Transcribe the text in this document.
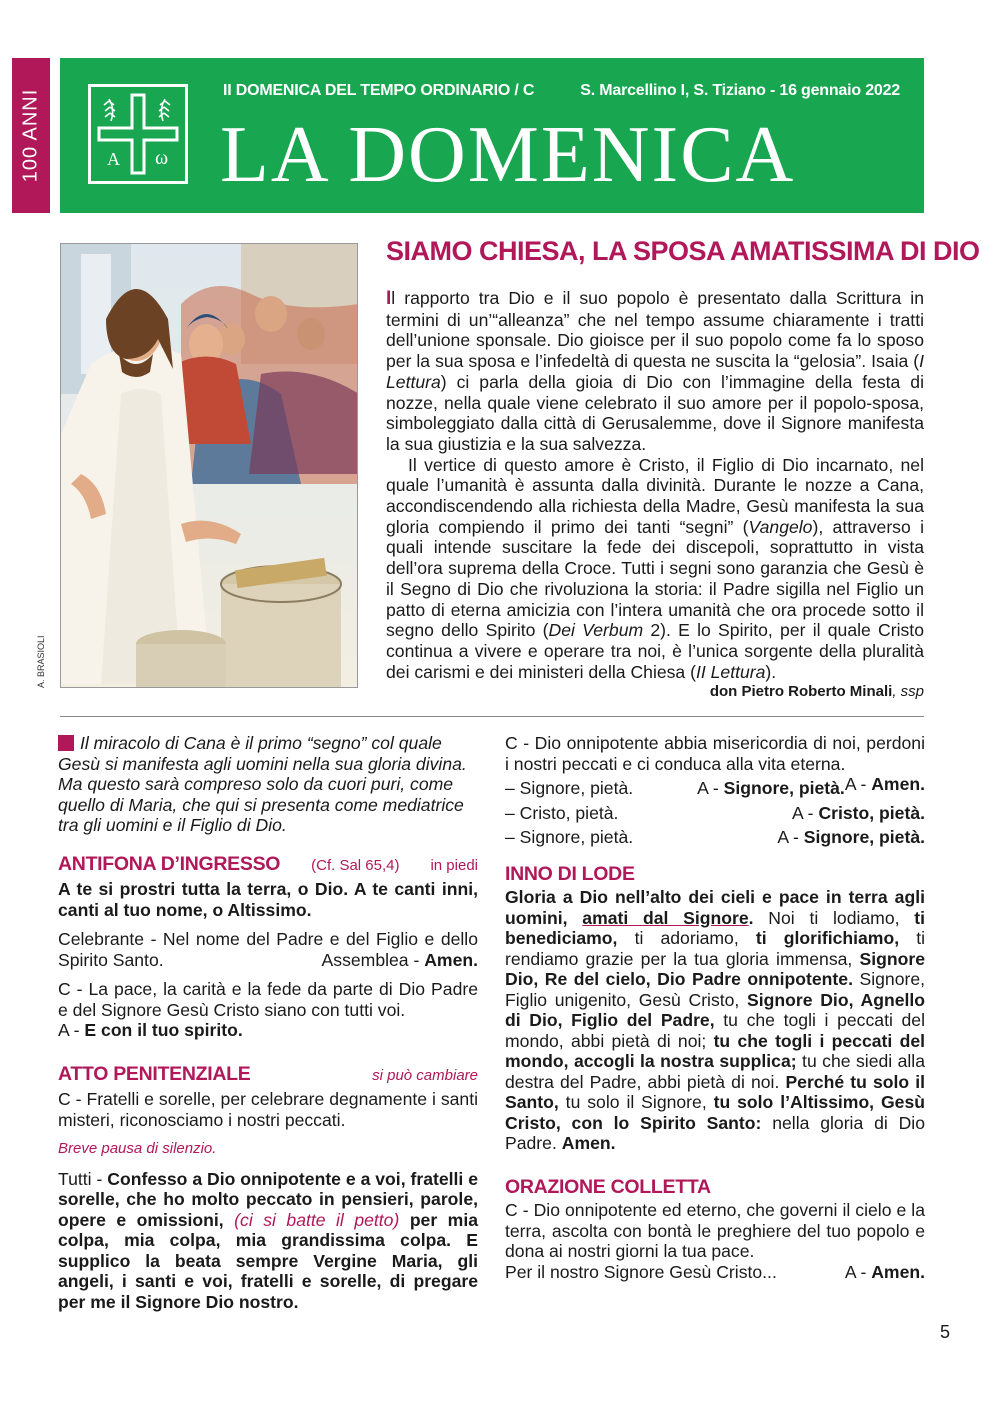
100 ANNI	A ω
II DOMENICA DEL TEMPO ORDINARIO / C	S. Marcellino I, S. Tiziano - 16 gennaio 2022
LA DOMENICA
A. BRASIOLI
SIAMO CHIESA, LA SPOSA AMATISSIMA DI DIO

Il rapporto tra Dio e il suo popolo è presentato dalla Scrittura in termini di un’“alleanza” che nel tempo assume chiaramente i tratti dell’unione sponsale. Dio gioisce per il suo popolo come fa lo sposo per la sua sposa e l’infedeltà di questa ne suscita la “gelosia”. Isaia (I Lettura) ci parla della gioia di Dio con l’immagine della festa di nozze, nella quale viene celebrato il suo amore per il popolo-sposa, simboleggiato dalla città di Gerusalemme, dove il Signore manifesta la sua giustizia e la sua salvezza.

Il vertice di questo amore è Cristo, il Figlio di Dio incarnato, nel quale l’umanità è assunta dalla divinità. Durante le nozze a Cana, accondiscendendo alla richiesta della Madre, Gesù manifesta la sua gloria compiendo il primo dei tanti “segni” (Vangelo), attraverso i quali intende suscitare la fede dei discepoli, soprattutto in vista dell’ora suprema della Croce. Tutti i segni sono garanzia che Gesù è il Segno di Dio che rivoluziona la storia: il Padre sigilla nel Figlio un patto di eterna amicizia con l’intera umanità che ora procede sotto il segno dello Spirito (Dei Verbum 2). E lo Spirito, per il quale Cristo continua a vivere e operare tra noi, è l’unica sorgente della pluralità dei carismi e dei ministeri della Chiesa (II Lettura).
don Pietro Roberto Minali, ssp

Il miracolo di Cana è il primo “segno” col quale Gesù si manifesta agli uomini nella sua gloria divina. Ma questo sarà compreso solo da cuori puri, come quello di Maria, che qui si presenta come mediatrice tra gli uomini e il Figlio di Dio.

ANTIFONA D’INGRESSO (Cf. Sal 65,4) in piedi

A te si prostri tutta la terra, o Dio. A te canti inni, canti al tuo nome, o Altissimo.

Celebrante - Nel nome del Padre e del Figlio e dello Spirito Santo.	Assemblea - Amen.

C - La pace, la carità e la fede da parte di Dio Padre e del Signore Gesù Cristo siano con tutti voi.
A - E con il tuo spirito.

ATTO PENITENZIALE	si può cambiare

C - Fratelli e sorelle, per celebrare degnamente i santi misteri, riconosciamo i nostri peccati.

Breve pausa di silenzio.

Tutti - Confesso a Dio onnipotente e a voi, fratelli e sorelle, che ho molto peccato in pensieri, parole, opere e omissioni, (ci si batte il petto) per mia colpa, mia colpa, mia grandissima colpa. E supplico la beata sempre Vergine Maria, gli angeli, i santi e voi, fratelli e sorelle, di pregare per me il Signore Dio nostro.

C - Dio onnipotente abbia misericordia di noi, perdoni i nostri peccati e ci conduca alla vita eterna.
A - Amen.

– Signore, pietà.	A - Signore, pietà.
– Cristo, pietà.	A - Cristo, pietà.
– Signore, pietà.	A - Signore, pietà.
INNO DI LODE

Gloria a Dio nell’alto dei cieli e pace in terra agli uomini, amati dal Signore. Noi ti lodiamo, ti benediciamo, ti adoriamo, ti glorifichiamo, ti rendiamo grazie per la tua gloria immensa, Signore Dio, Re del cielo, Dio Padre onnipotente. Signore, Figlio unigenito, Gesù Cristo, Signore Dio, Agnello di Dio, Figlio del Padre, tu che togli i peccati del mondo, abbi pietà di noi; tu che togli i peccati del mondo, accogli la nostra supplica; tu che siedi alla destra del Padre, abbi pietà di noi. Perché tu solo il Santo, tu solo il Signore, tu solo l’Altissimo, Gesù Cristo, con lo Spirito Santo: nella gloria di Dio Padre. Amen.

ORAZIONE COLLETTA

C - Dio onnipotente ed eterno, che governi il cielo e la terra, ascolta con bontà le preghiere del tuo popolo e dona ai nostri giorni la tua pace.

Per il nostro Signore Gesù Cristo...	A - Amen.
5
